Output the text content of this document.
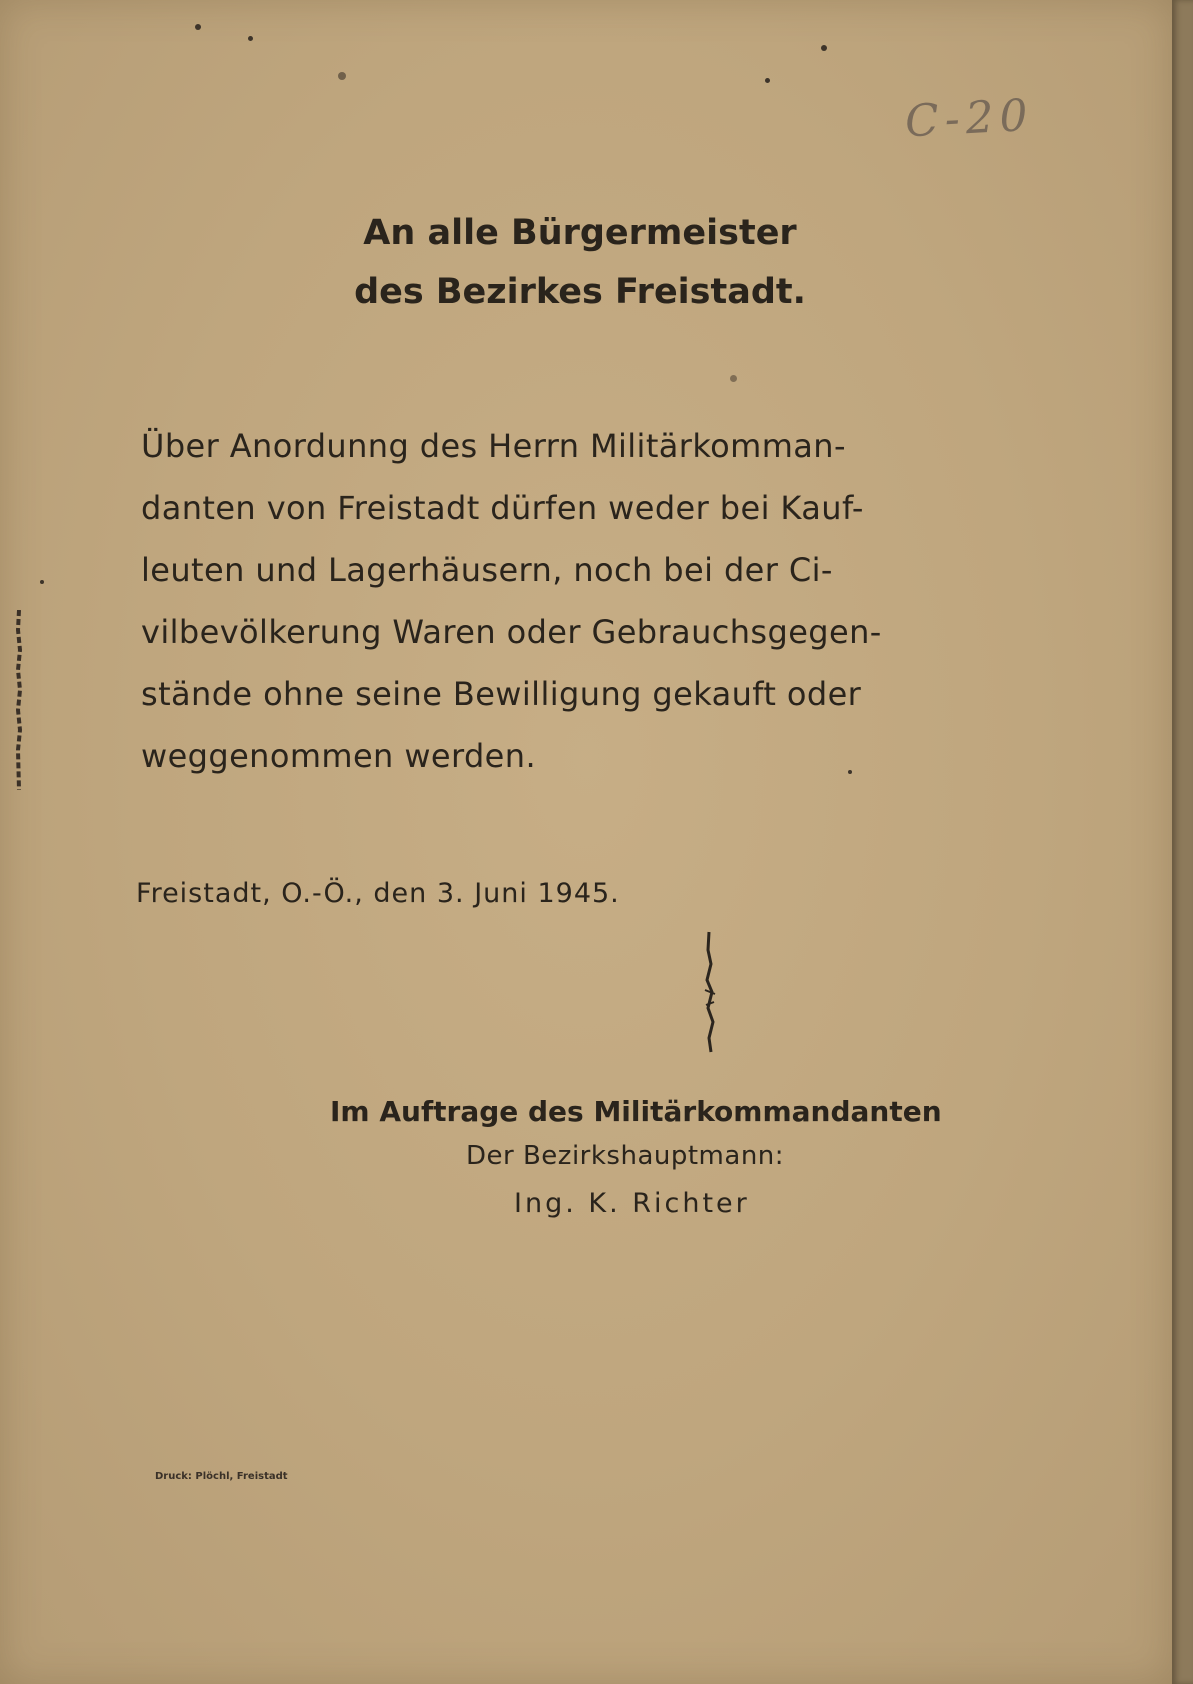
C-20
An alle Bürgermeister
des Bezirkes Freistadt.
Über Anordunng des Herrn Militärkomman-
danten von Freistadt dürfen weder bei Kauf-
leuten und Lagerhäusern, noch bei der Ci-
vilbevölkerung Waren oder Gebrauchsgegen-
stände ohne seine Bewilligung gekauft oder
weggenommen werden.
Freistadt, O.-Ö., den 3. Juni 1945.
Im Auftrage des Militärkommandanten
Der Bezirkshauptmann:
Ing. K. Richter
Druck: Plöchl, Freistadt
